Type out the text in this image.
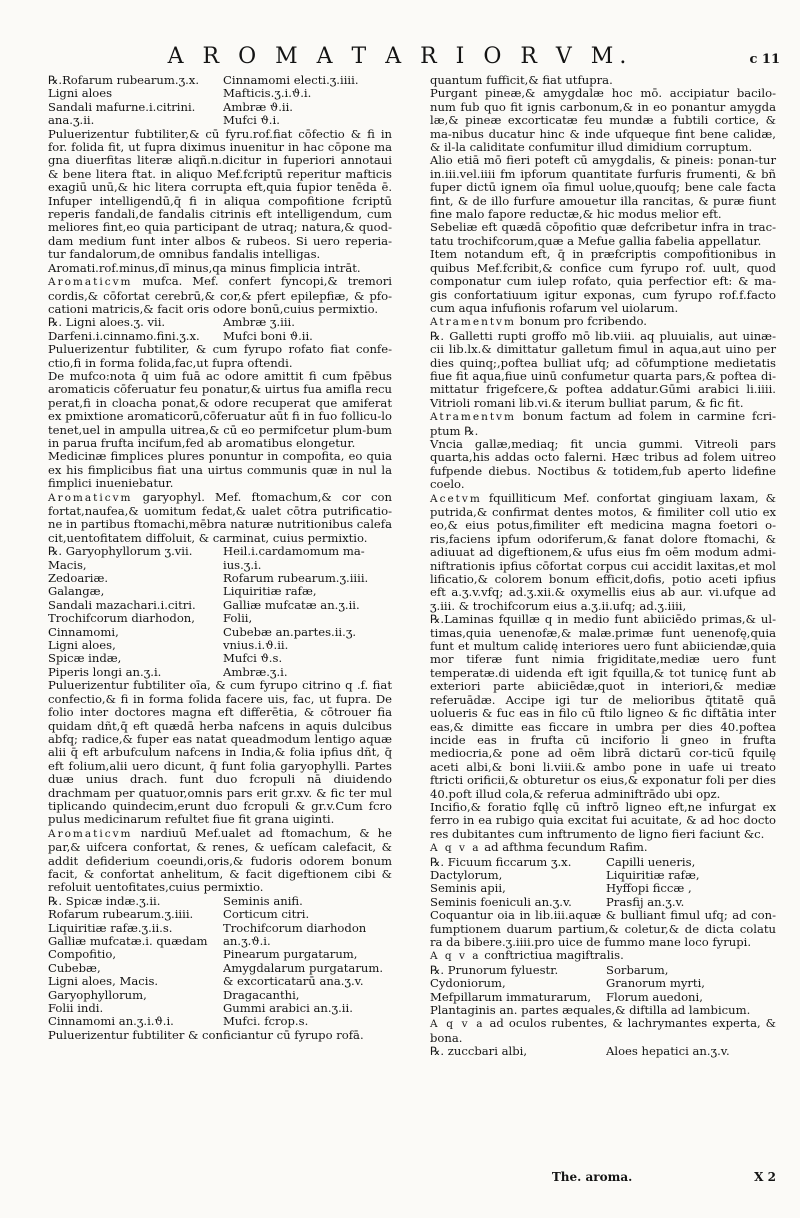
A R O M A T A R I O R V M.	c 11
℞.Rofarum rubearum.ʒ.x.	Cinnamomi electi.ʒ.iiii.
Ligni aloes	Mafticis.ʒ.i.ϑ.i.
Sandali mafurne.i.citrini.	Ambræ ϑ.ii.
ana.ʒ.ii.	Mufci ϑ.i.

Puluerizentur fubtiliter,& cū fyru.rof.fiat cōfectio & fi in for. folida fit, ut fupra diximus inuenitur in hac cōpone ma gna diuerfitas literæ aliqñ.n.dicitur in fuperiori annotaui & bene litera ftat. in aliquo Mef.fcriptū reperitur mafticis exagiū unū,& hic litera corrupta eft,quia fupior tenēda ē. Infuper intelligendū,q̄ fi in aliqua compofitione fcriptū reperis fandali,de fandalis citrinis eft intelligendum, cum meliores fint,eo quia participant de utraq; natura,& quod-dam medium funt inter albos & rubeos. Si uero reperia-tur fandalorum,de omnibus fandalis intelligas.

Aromati.rof.minus,dī minus,qa minus fimplicia intrāt.

Aromaticvm mufca. Mef. confert fyncopi,& tremori cordis,& cōfortat cerebrū,& cor,& pfert epilepfiæ, & pfo-cationi matricis,& facit oris odore bonū,cuius permixtio.

℞. Ligni aloes.ʒ. vii.	Ambræ ʒ.iii.
Darfeni.i.cinnamo.fini.ʒ.x.	Mufci boni ϑ.ii.

Puluerizentur fubtiliter, & cum fyrupo rofato fiat confe-ctio,fi in forma folida,fac,ut fupra oftendi.

De mufco:nota q̄ uim fuā ac odore amittit fi cum fpēbus aromaticis cōferuatur feu ponatur,& uirtus fua amifla recu perat,fi in cloacha ponat,& odore recuperat que amiferat ex pmixtione aromaticorū,cōferuatur aūt fi in fuo follicu-lo tenet,uel in ampulla uitrea,& cū eo permifcetur plum-bum in parua frufta incifum,fed ab aromatibus elongetur.

Medicinæ fimplices plures ponuntur in compofita, eo quia ex his fimplicibus fiat una uirtus communis quæ in nul la fimplici inueniebatur.

Aromaticvm garyophyl. Mef. ftomachum,& cor con fortat,naufea,& uomitum fedat,& ualet cōtra putrificatio-ne in partibus ftomachi,mēbra naturæ nutritionibus calefa cit,uentofitatem diffoluit, & carminat, cuius permixtio.

℞. Garyophyllorum ʒ.vii.	Heil.i.cardamomum ma-
Macis,	ius.ʒ.i.
Zedoariæ.	Rofarum rubearum.ʒ.iiii.
Galangæ,	Liquiritiæ rafæ,
Sandali mazachari.i.citri.	Galliæ mufcatæ an.ʒ.ii.
Trochifcorum diarhodon,	Folii,
Cinnamomi,	Cubebæ an.partes.ii.ʒ.
Ligni aloes,	vnius.i.ϑ.ii.
Spicæ indæ,	Mufci ϑ.s.
Piperis longi an.ʒ.i.	Ambræ.ʒ.i.

Puluerizentur fubtiliter oīa, & cum fyrupo citrino q .f. fiat confectio,& fi in forma folida facere uis, fac, ut fupra. De folio inter doctores magna eft differētia, & cōtrouer fia quidam dñt,q̄ eft quædā herba nafcens in aquis dulcibus abfq; radice,& fuper eas natat queadmodum lentigo aquæ alii q̄ eft arbufculum nafcens in India,& folia ipfius dñt, q̄ eft folium,alii uero dicunt, q̄ funt folia garyophylli. Partes duæ unius drach. funt duo fcropuli nā diuidendo drachmam per quatuor,omnis pars erit gr.xv. & fic ter mul tiplicando quindecim,erunt duo fcropuli & gr.v.Cum fcro pulus medicinarum refultet fiue fit grana uiginti.

Aromaticvm nardiuū Mef.ualet ad ftomachum, & he par,& uifcera confortat, & renes, & uefícam calefacit, & addit defiderium coeundi,oris,& fudoris odorem bonum facit, & confortat anhelitum, & facit digeftionem cibi & refoluit uentofitates,cuius permixtio.

℞. Spicæ indæ.ʒ.ii.	Seminis anifi.
Rofarum rubearum.ʒ.iiii.	Corticum citri.
Liquiritiæ rafæ.ʒ.ii.s.	Trochifcorum diarhodon
Galliæ mufcatæ.i. quædam	an.ʒ.ϑ.i.
Compofitio,	Pinearum purgatarum,
Cubebæ,	Amygdalarum purgatarum.
Ligni aloes, Macis.	& excorticatarū ana.ʒ.v.
Garyophyllorum,	Dragacanthi,
Folii indi.	Gummi arabici an.ʒ.ii.
Cinnamomi an.ʒ.i.ϑ.i.	Mufci. fcrop.s.

Puluerizentur fubtiliter & conficiantur cū fyrupo rofā.

quantum fufficit,& fiat utfupra.

Purgant pineæ,& amygdalæ hoc mō. accipiatur bacilo-num fub quo fit ignis carbonum,& in eo ponantur amygda læ,& pineæ excorticatæ feu mundæ a fubtili cortice, & ma-nibus ducatur hinc & inde ufqueque fint bene calidæ, & il-la caliditate confumitur illud dimidium corruptum.

Alio etiā mō fieri poteft cū amygdalis, & pineis: ponan-tur in.iii.vel.iiii fm ipforum quantitate furfuris frumenti, & bñ fuper dictū ignem oīa fimul uolue,quoufq; bene cale facta fint, & de illo furfure amouetur illa rancitas, & puræ fiunt fine malo fapore reductæ,& hic modus melior eft.

Sebeliæ eft quædā cōpofitio quæ defcribetur infra in trac-tatu trochifcorum,quæ a Mefue gallia fabelia appellatur.

Item notandum eft, q̄ in præfcriptis compofitionibus in quibus Mef.fcribit,& confice cum fyrupo rof. uult, quod componatur cum iulep rofato, quia perfectior eft: & ma-gis confortatiuum igitur exponas, cum fyrupo rof.f.facto cum aqua infufionis rofarum vel uiolarum.

Atramentvm bonum pro fcribendo.

℞. Galletti rupti groffo mō lib.viii. aq pluuialis, aut uinæ-cii lib.lx.& dimittatur galletum fimul in aqua,aut uino per dies quinq;,poftea bulliat ufq; ad cōfumptione medietatis fiue fit aqua,fiue uinū confumetur quarta pars,& poftea di-mittatur frigefcere,& poftea addatur.Gūmi arabici li.iiii. Vitrioli romani lib.vi.& iterum bulliat parum, & fic fit.

Atramentvm bonum factum ad folem in carmine fcri-ptum ℞.

Vncia gallæ,mediaq; fit uncia gummi. Vitreoli pars quarta,his addas octo falerni. Hæc tribus ad folem uitreo fufpende diebus. Noctibus & totidem,fub aperto lidefine coelo.

Acetvm fquilliticum Mef. confortat gingiuam laxam, & putrida,& confirmat dentes motos, & fimiliter coll utio ex eo,& eius potus,fimiliter eft medicina magna foetori o-ris,faciens ipfum odoriferum,& fanat dolore ftomachi, & adiuuat ad digeftionem,& ufus eius fm oēm modum admi-niftrationis ipfius cōfortat corpus cui accidit laxitas,et mol lificatio,& colorem bonum efficit,dofis, potio aceti ipfius eft a.ʒ.v.vfq; ad.ʒ.xii.& oxymellis eius ab aur. vi.ufque ad ʒ.iii. & trochifcorum eius a.ʒ.ii.ufq; ad.ʒ.iiii,

℞.Laminas fquillæ q in medio funt abiiciēdo primas,& ul-timas,quia uenenofæ,& malæ.primæ funt uenenofę,quia funt et multum calidę interiores uero funt abiiciendæ,quia mor tiferæ funt nimia frigiditate,mediæ uero funt temperatæ.di uidenda eft igit fquilla,& tot tunicę funt ab exteriori parte abiiciēdæ,quot in interiori,& mediæ referuādæ. Accipe igi tur de melioribus q̄titatē quā uolueris & fuc eas in filo cū ftilo ligneo & fic diftātia inter eas,& dimitte eas ficcare in umbra per dies 40.poftea incide eas in frufta cū inciforio li gneo in frufta mediocria,& pone ad oēm librā dictarū cor-ticū fquilę aceti albi,& boni li.viii.& ambo pone in uafe ui treato ftricti orificii,& obturetur os eius,& exponatur foli per dies 40.poft illud cola,& referua adminiftrādo ubi opz.

Incifio,& foratio fqllę cū inftrō ligneo eft,ne infurgat ex ferro in ea rubigo quia excitat fui acuitate, & ad hoc docto res dubitantes cum inftrumento de ligno fieri faciunt &c.

A q v a ad afthma fecundum Rafim.

℞. Ficuum ficcarum ʒ.x.	Capilli ueneris,
Dactylorum,	Liquiritiæ rafæ,
Seminis apii,	Hyffopi ficcæ ,
Seminis foeniculi an.ʒ.v.	Prasfij an.ʒ.v.

Coquantur oia in lib.iii.aquæ & bulliant fimul ufq; ad con-fumptionem duarum partium,& coletur,& de dicta colatu ra da bibere.ʒ.iiii.pro uice de fummo mane loco fyrupi.

A q v a conftrictiua magiftralis.

℞. Prunorum fyluestr.	Sorbarum,
Cydoniorum,	Granorum myrti,
Mefpillarum immaturarum,	Florum auedoni,

Plantaginis an. partes æquales,& diftilla ad lambicum.

A q v a ad oculos rubentes, & lachrymantes experta, & bona.

℞. zuccbari albi,	Aloes hepatici an.ʒ.v.
The. aroma.	X 2
